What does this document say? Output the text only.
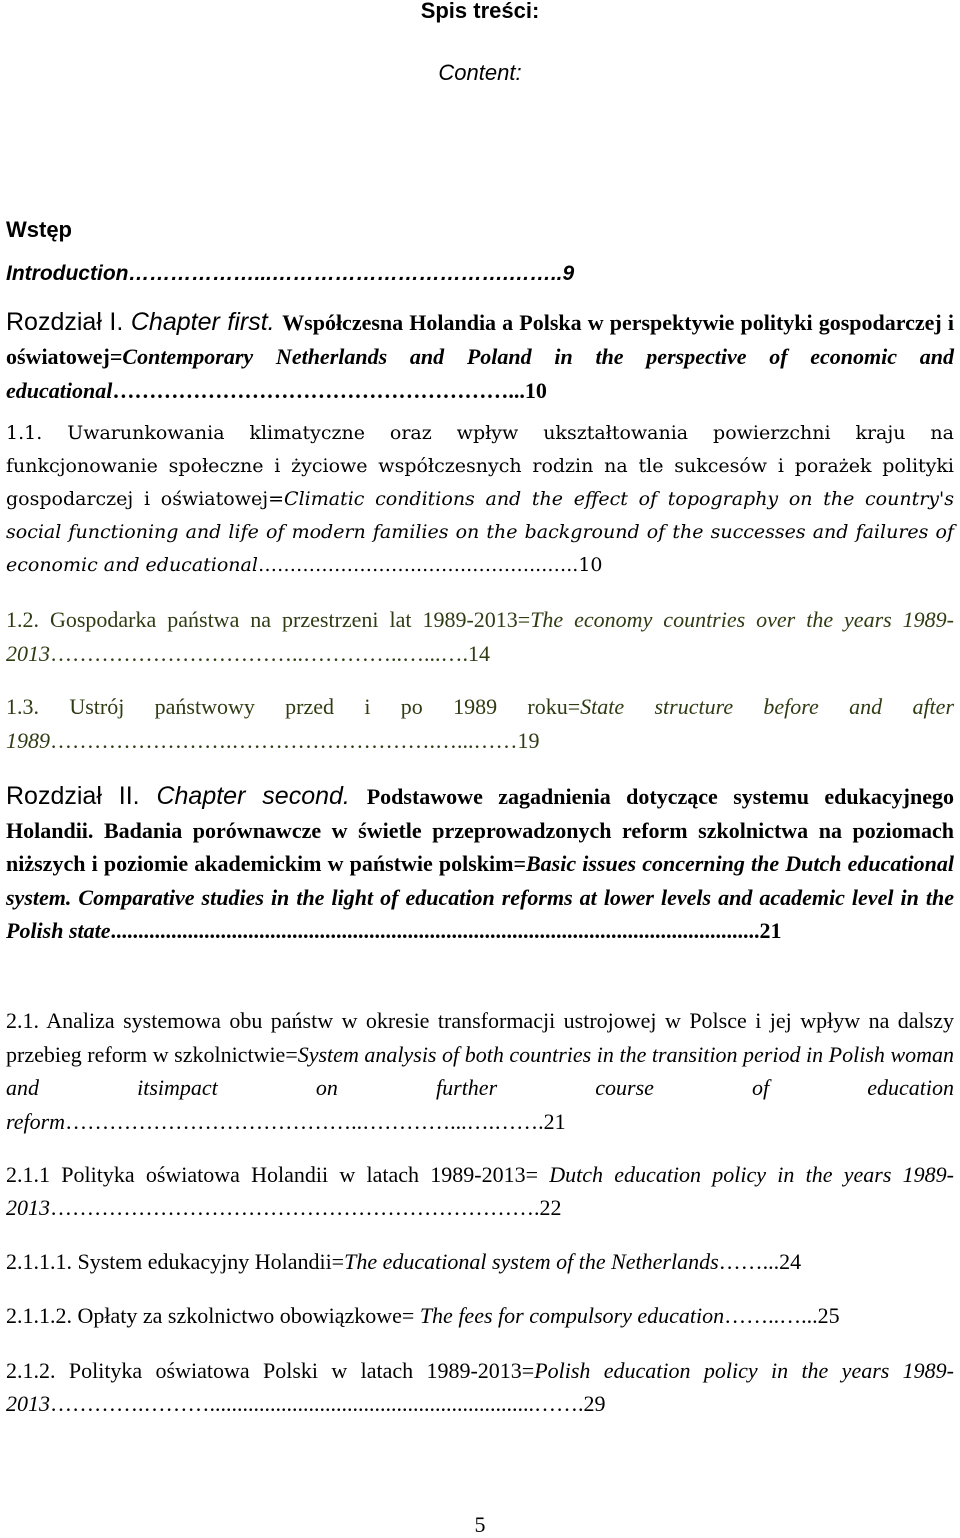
Spis treści:
Content:

Wstęp

Introduction………………...…………………………….……..9

Rozdział I. Chapter first. Współczesna Holandia a Polska w perspektywie polityki gospodarczej i oświatowej=Contemporary Netherlands and Poland in the perspective of economic and educational………………………………………………...10

1.1. Uwarunkowania klimatyczne oraz wpływ ukształtowania powierzchni kraju na funkcjonowanie społeczne i życiowe współczesnych rodzin na tle sukcesów i porażek polityki gospodarczej i oświatowej=Climatic conditions and the effect of topography on the country's social functioning and life of modern families on the background of the successes and failures of economic and educational……………………..……..………...…..10

1.2. Gospodarka państwa na przestrzeni lat 1989-2013=The economy countries over the years 1989-2013……………………………..…………..…...….14

1.3. Ustrój państwowy przed i po 1989 roku=State structure before and after 1989…………………….……………………….…...……19

Rozdział II. Chapter second. Podstawowe zagadnienia dotyczące systemu edukacyjnego Holandii. Badania porównawcze w świetle przeprowadzonych reform szkolnictwa na poziomach niższych i poziomie akademickim w państwie polskim=Basic issues concerning the Dutch educational system. Comparative studies in the light of education reforms at lower levels and academic level in the Polish state......................................................................................................................21

2.1. Analiza systemowa obu państw w okresie transformacji ustrojowej w Polsce i jej wpływ na dalszy przebieg reform w szkolnictwie=System analysis of both countries in the transition period in Polish woman and itsimpact on further course of education reform…………………………………..…………...….…….21

2.1.1 Polityka oświatowa Holandii w latach 1989-2013= Dutch education policy in the years 1989-2013………………………………………………………….22

2.1.1.1. System edukacyjny Holandii=The educational system of the Netherlands……...24

2.1.1.2. Opłaty za szkolnictwo obowiązkowe= The fees for compulsory education……..…...25

2.1.2. Polityka oświatowa Polski w latach 1989-2013=Polish education policy in the years 1989-2013………….………...........................................................…….29

5
